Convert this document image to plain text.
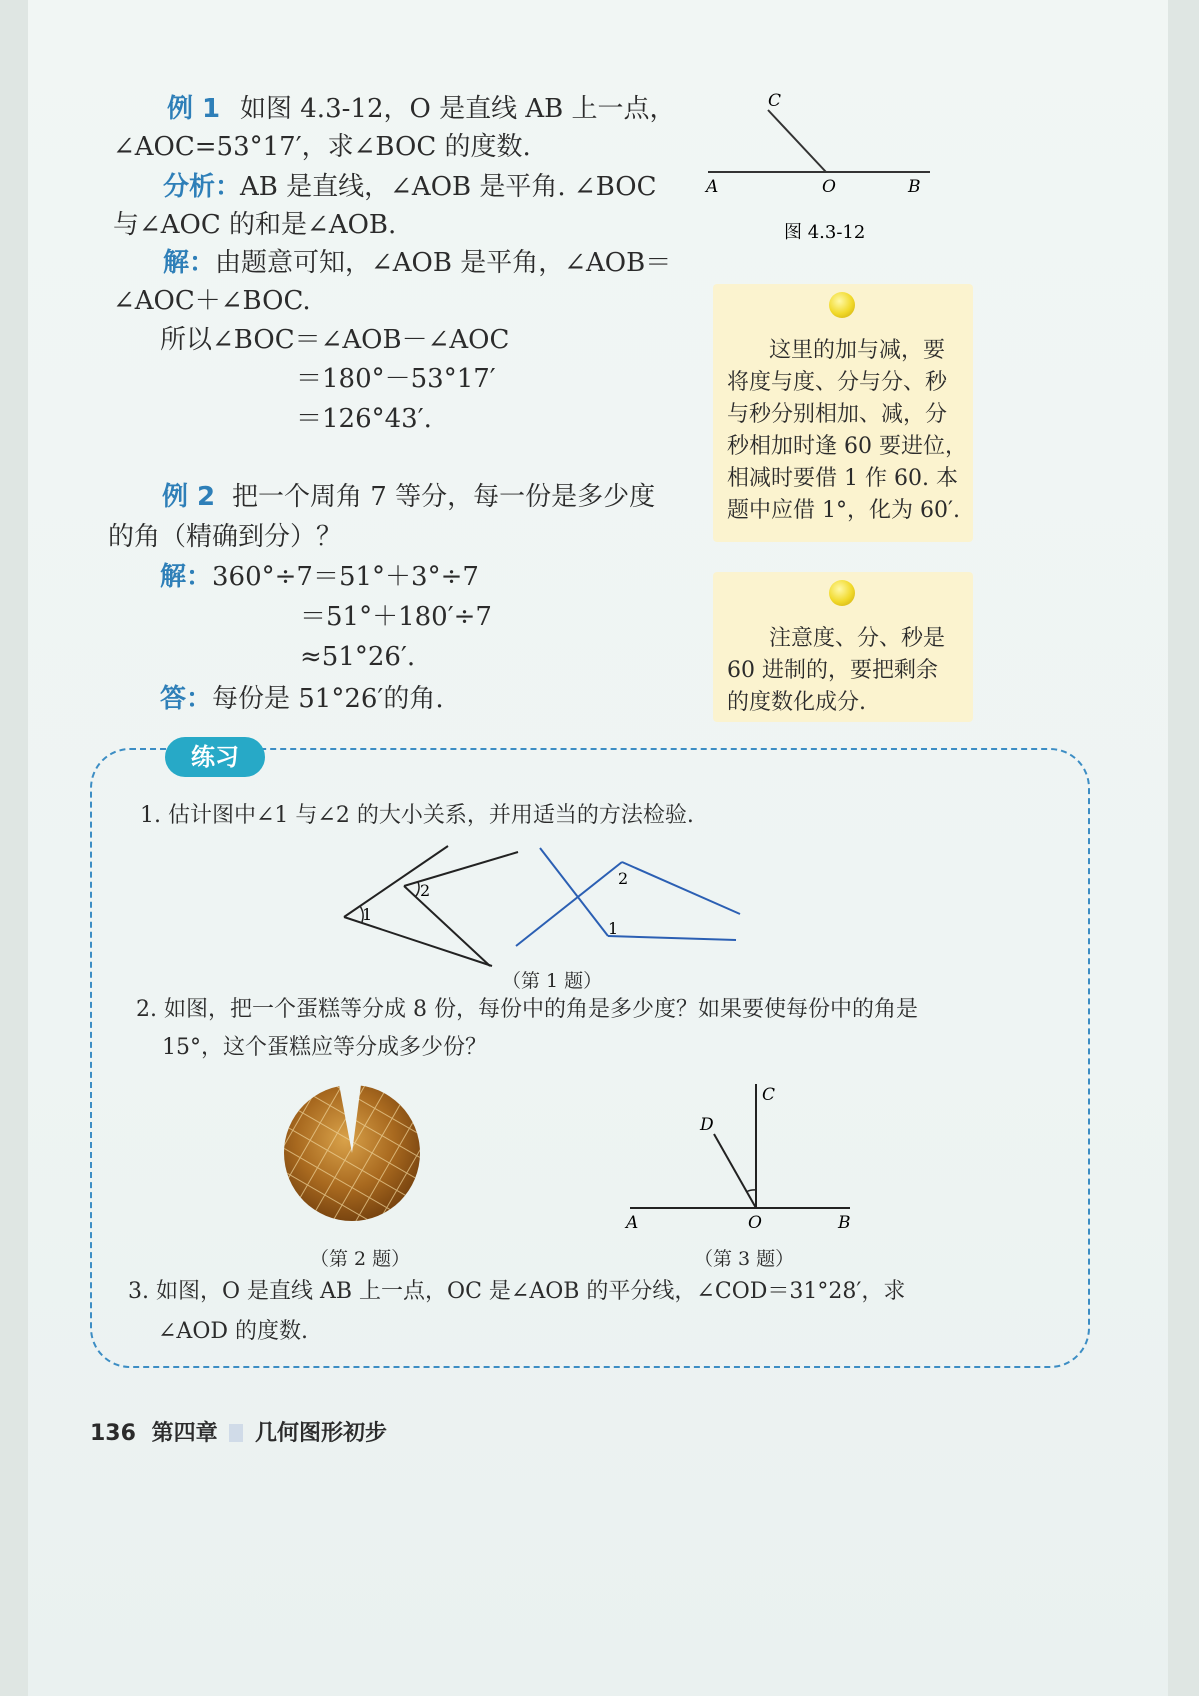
例 1 如图 4.3-12，O 是直线 AB 上一点，
∠AOC=53°17′，求∠BOC 的度数.
分析：
AB 是直线，∠AOB 是平角. ∠BOC
与∠AOC 的和是∠AOB.
解： 由题意可知，∠AOB 是平角，∠AOB＝
∠AOC＋∠BOC.
所以∠BOC＝∠AOB－∠AOC
＝180°－53°17′
＝126°43′.
C
A	O	B
图 4.3-12
这里的加与减，要
将度与度、分与分、秒
与秒分别相加、减，分
秒相加时逢 60 要进位，
相减时要借 1 作 60. 本
题中应借 1°，化为 60′.
例 2 把一个周角 7 等分，每一份是多少度
的角（精确到分）？
解： 360°÷7＝51°＋3°÷7
＝51°＋180′÷7
≈51°26′.
答： 每份是 51°26′的角.
注意度、分、秒是
60 进制的，要把剩余
的度数化成分.
练习
1. 估计图中∠1 与∠2 的大小关系，并用适当的方法检验.
1
2
2
1
（第 1 题）
2. 如图，把一个蛋糕等分成 8 份，每份中的角是多少度？如果要使每份中的角是
15°，这个蛋糕应等分成多少份？
（第 2 题）
C
D
A	O	B
（第 3 题）
3. 如图，O 是直线 AB 上一点，OC 是∠AOB 的平分线，∠COD＝31°28′，求
∠AOD 的度数.
136 第四章 几何图形初步
